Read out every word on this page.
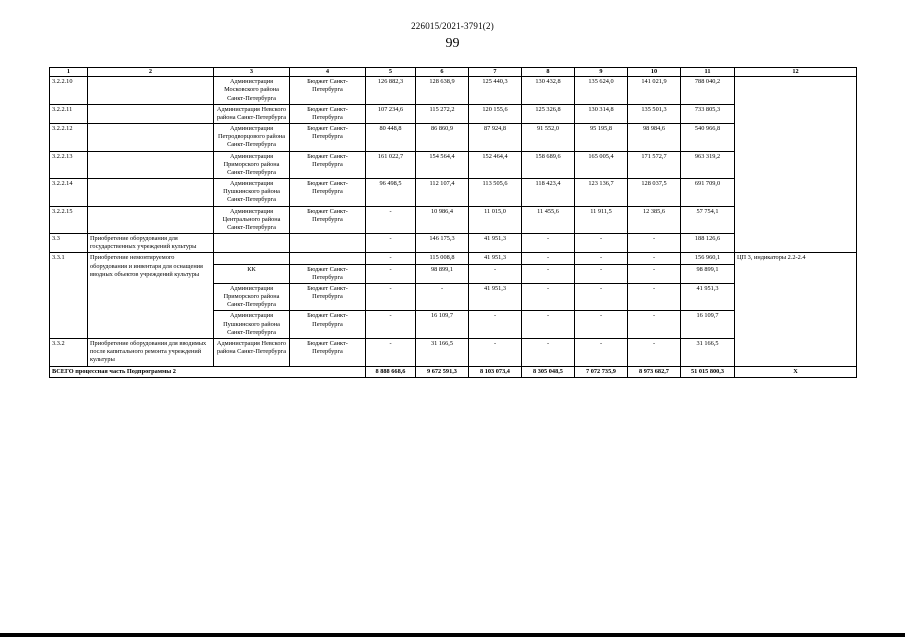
226015/2021-3791(2)
99
1	2	3	4	5	6	7	8	9	10	11	12
3.2.2.10		Администрация Московского района Санкт-Петербурга	Бюджет Санкт-Петербурга	126 882,3	128 638,9	125 440,3	130 432,8	135 624,0	141 021,9	788 040,2	
3.2.2.11		Администрация Невского района Санкт-Петербурга	Бюджет Санкт-Петербурга	107 234,6	115 272,2	120 155,6	125 326,8	130 314,8	135 501,3	733 805,3	
3.2.2.12		Администрация Петродворцового района Санкт-Петербурга	Бюджет Санкт-Петербурга	80 448,8	86 860,9	87 924,8	91 552,0	95 195,8	98 984,6	540 966,8	
3.2.2.13		Администрация Приморского района Санкт-Петербурга	Бюджет Санкт-Петербурга	161 022,7	154 564,4	152 464,4	158 689,6	165 005,4	171 572,7	963 319,2	
3.2.2.14		Администрация Пушкинского района Санкт-Петербурга	Бюджет Санкт-Петербурга	96 498,5	112 107,4	113 505,6	118 423,4	123 136,7	128 037,5	691 709,0	
3.2.2.15		Администрация Центрального района Санкт-Петербурга	Бюджет Санкт-Петербурга	-	10 986,4	11 015,0	11 455,6	11 911,5	12 385,6	57 754,1	
3.3	Приобретение оборудования для государственных учреждений культуры			-	146 175,3	41 951,3	-	-	-	188 126,6	
3.3.1	Приобретение немонтируемого оборудования и инвентаря для оснащения вводных объектов учреждений культуры			-	115 008,8	41 951,3	-	-	-	156 960,1	ЦП 3, индикаторы 2.2-2.4
		КК	Бюджет Санкт-Петербурга	-	98 899,1	-	-	-	-	98 899,1	
		Администрация Приморского района Санкт-Петербурга	Бюджет Санкт-Петербурга	-	-	41 951,3	-	-	-	41 951,3	
		Администрация Пушкинского района Санкт-Петербурга	Бюджет Санкт-Петербурга	-	16 109,7	-	-	-	-	16 109,7	
3.3.2	Приобретение оборудования для вводимых после капитального ремонта учреждений культуры	Администрация Невского района Санкт-Петербурга	Бюджет Санкт-Петербурга	-	31 166,5	-	-	-	-	31 166,5	
ВСЕГО процессная часть Подпрограммы 2				8 888 668,6	9 672 591,3	8 103 073,4	8 305 048,5	7 072 735,9	8 973 682,7	51 015 800,3	X
